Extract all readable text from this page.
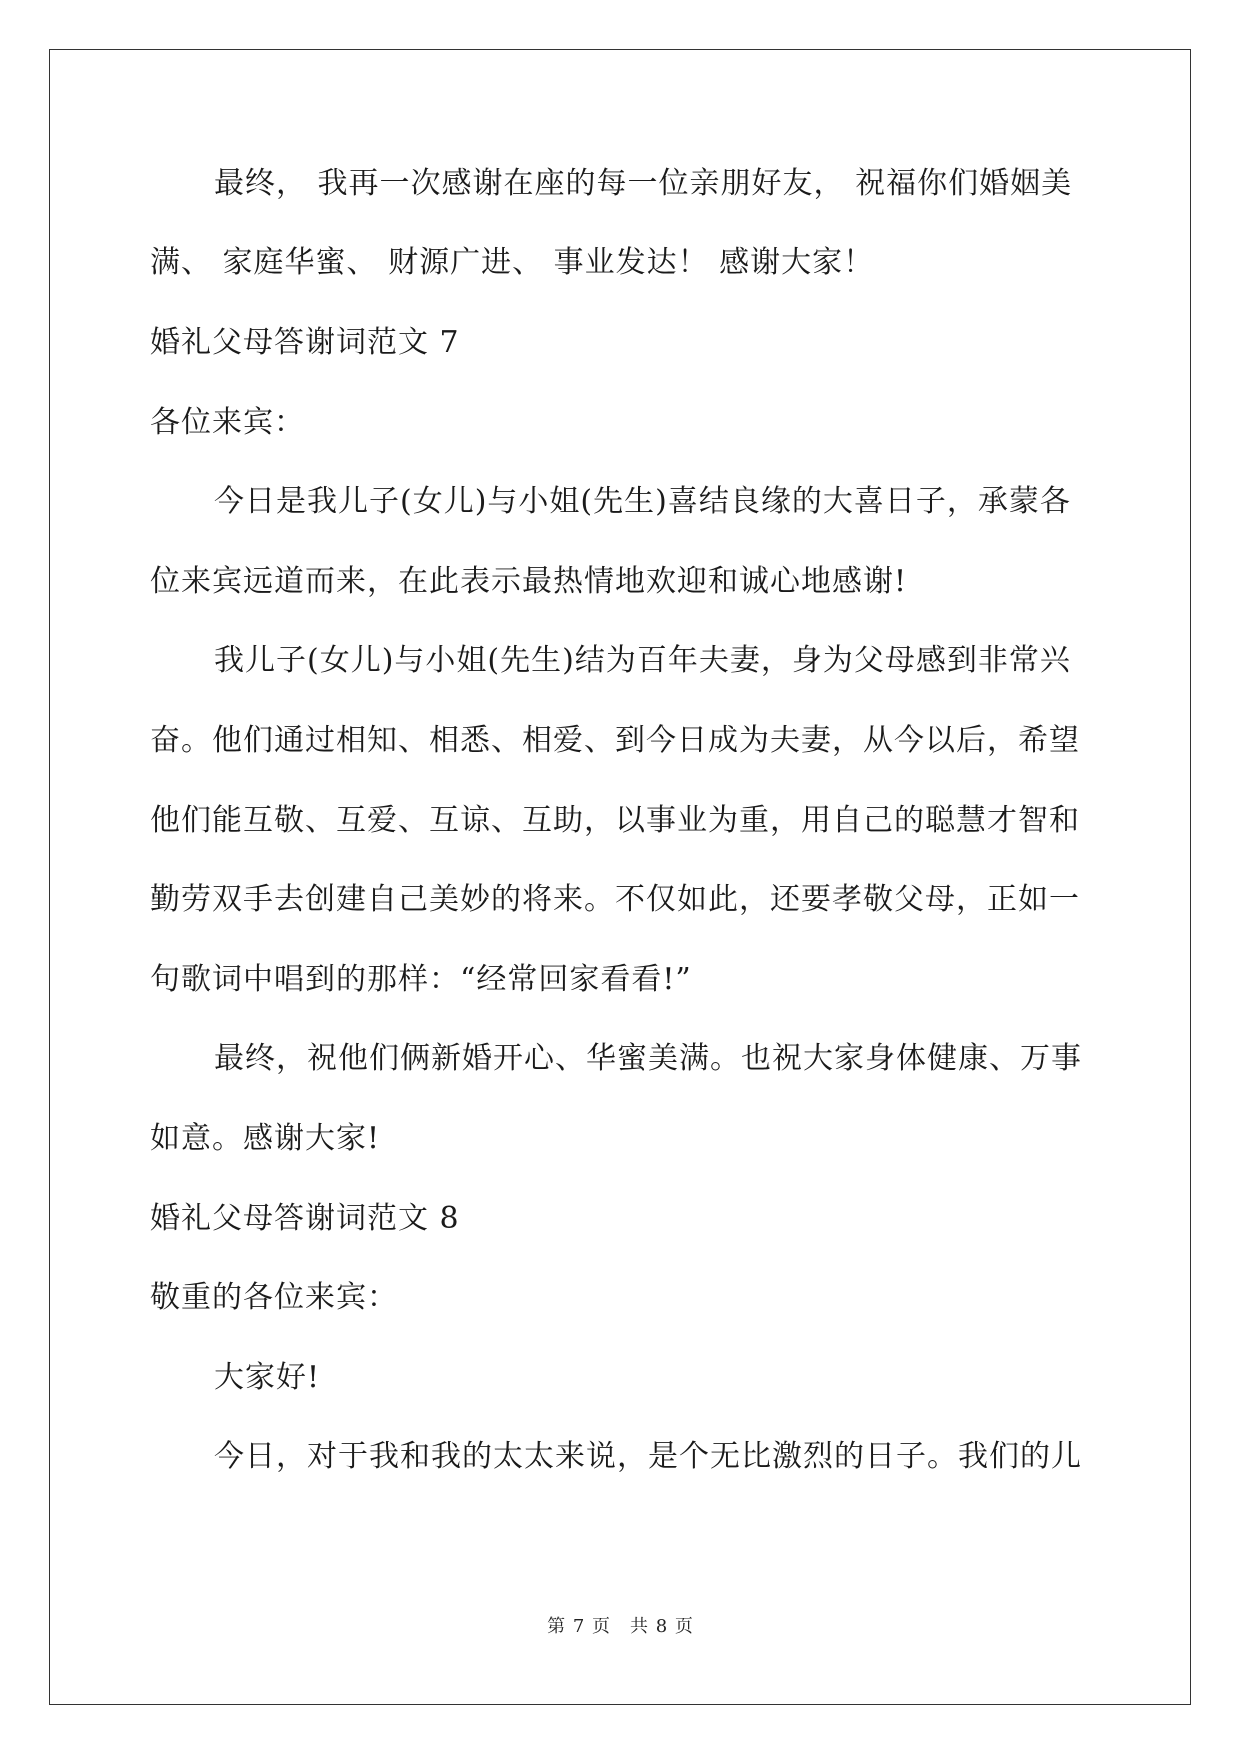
最终， 我再一次感谢在座的每一位亲朋好友， 祝福你们婚姻美
满、 家庭华蜜、 财源广进、 事业发达！ 感谢大家！
婚礼父母答谢词范文 7
各位来宾：
今日是我儿子(女儿)与小姐(先生)喜结良缘的大喜日子，承蒙各
位来宾远道而来，在此表示最热情地欢迎和诚心地感谢!
我儿子(女儿)与小姐(先生)结为百年夫妻，身为父母感到非常兴
奋。他们通过相知、相悉、相爱、到今日成为夫妻，从今以后，希望
他们能互敬、互爱、互谅、互助，以事业为重，用自己的聪慧才智和
勤劳双手去创建自己美妙的将来。不仅如此，还要孝敬父母，正如一
句歌词中唱到的那样：“经常回家看看!”
最终，祝他们俩新婚开心、华蜜美满。也祝大家身体健康、万事
如意。感谢大家!
婚礼父母答谢词范文 8
敬重的各位来宾：
大家好!
今日，对于我和我的太太来说，是个无比激烈的日子。我们的儿
第 7 页　共 8 页
